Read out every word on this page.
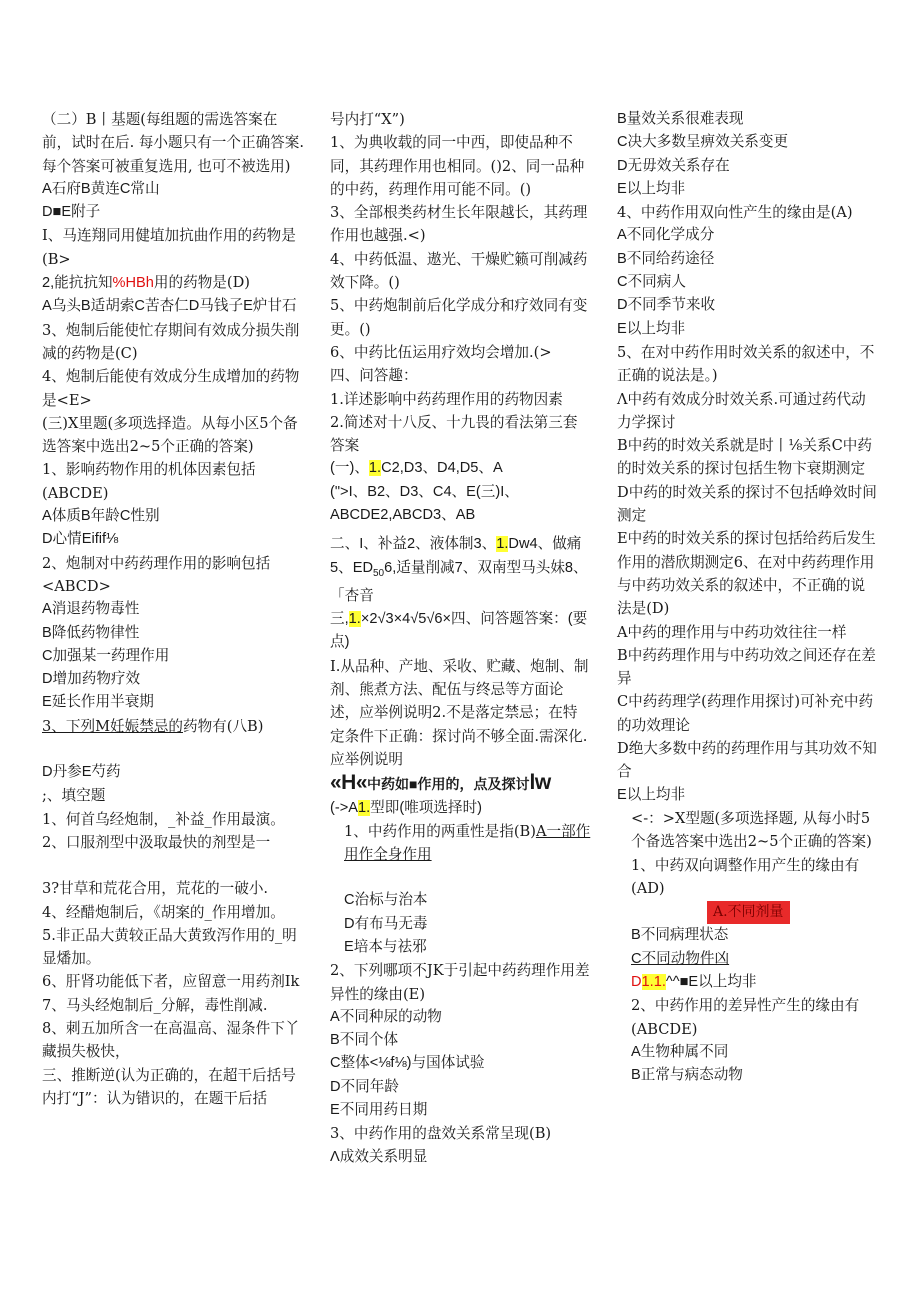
（二）B丨基题(每组题的需选答案在前，试时在后. 每小题只有一个正确答案. 每个答案可被重复选用, 也可不被选用)

A石府B黄连C常山

D■E附子

I、马连翔同用健埴加抗曲作用的药物是(B>

2,能抗抗知%HBh用的药物是(D)

A乌头B适胡索C苦杏仁D马钱子E炉甘石

3、炮制后能使忙存期间有效成分损失削减的药物是(C)

4、炮制后能使有效成分生成增加的药物是<E>

(三)X里题(多项选择造。从每小区5个备选答案中选出2~5个正确的答案)

1、影响药物作用的机体因素包括(ABCDE)

A体质B年龄C性别

D心情Eifif⅛

2、炮制对中药药理作用的影响包括<ABCD>

A消退药物毒性

B降低药物律性

C加强某一药理作用

D增加药物疗效

E延长作用半衰期

3、下列M妊娠禁忌的药物有(八B)

D丹参E芍药

;、填空题

1、何首乌经炮制，_补益_作用最演。

2、口服剂型中汲取最快的剂型是一

3?甘草和荒花合用，荒花的一破小.

4、经醋炮制后，《胡案的_作用增加。

5.非正品大黄较正品大黄致泻作用的_明显燔加。

6、肝肾功能低下者，应留意一用药剂Ik

7、马头经炮制后_分解，毒性削减.

8、刺五加所含一在高温高、湿条件下丫藏损失极快，

三、推断逆(认为正确的，在超干后括号内打“J”：认为错识的，在题干后括

号内打“X”)

1、为典收载的同一中西，即使品种不同，其药理作用也相同。()2、同一品种的中药，药理作用可能不同。()

3、全部根类药材生长年限越长，其药理作用也越强.<)

4、中药低温、遨光、干燥贮籁可削减药效下降。()

5、中药炮制前后化学成分和疗效同有变更。()

6、中药比伍运用疗效均会增加.(>

四、问答趣：

1.详述影响中药药理作用的药物因素

2.简述对十八反、十九畏的看法第三套答案

(一)、1.C2,D3、D4,D5、A

(">I、B2、D3、C4、E(三)I、ABCDE2,ABCD3、AB

二、I、补益2、液体制3、1.Dw4、做痛5、$ED_{50}6$,适量削减7、双南型马头妹8、「杏音

三,1.×2√3×4√5√6×四、问答题答案：(要点)

I.从品种、产地、采收、贮藏、炮制、制剂、熊煮方法、配伍与终忌等方面论述，应举例说明2.不是落定禁忌；在特定条件下正确：探讨尚不够全面.需深化.应举例说明

«H«中药如■作用的，点及探讨lw

(->A1.型即(唯项选择时)

1、中药作用的两重性是指(B)A一部作用作全身作用

C治标与治本

D有布马无毒

E培本与祛邪

2、下列哪项不JK于引起中药药理作用差异性的缘由(E)

A不同种尿的动物

B不同个体

C整体<⅛f⅛)与国体试验

D不同年龄

E不同用药日期

3、中药作用的盘效关系常呈现(B)

Λ成效关系明显

B量效关系很难表现

C决大多数呈痹效关系变更

D无毋效关系存在

E以上均非

4、中药作用双向性产生的缘由是(A)

A不同化学成分

B不同给药途径

C不同病人

D不同季节来收

E以上均非

5、在对中药作用时效关系的叙述中，不正确的说法是。)

Λ中药有效成分时效关系.可通过药代动力学探讨

B中药的时效关系就是时丨⅛关系C中药的时效关系的探讨包括生物卞衰期测定

D中药的时效关系的探讨不包括峥效时间测定

E中药的时效关系的探讨包括给药后发生作用的潜欣期测定6、在对中药药理作用与中药功效关系的叙述中，不正确的说法是(D)

A中药的理作用与中药功效往往一样

B中药药理作用与中药功效之间还存在差异

C中药药理学(药理作用探讨)可补充中药的功效理论

D绝大多数中药的药理作用与其功效不知合

E以上均非

<-：>X型题(多项选择题, 从每小时5个备选答案中选出2~5个正确的答案)

1、中药双向调整作用产生的缘由有(AD)

A.不同剂量

B不同病理状态

C不同动物件凶

D1.1.^^■E以上均非

2、中药作用的差异性产生的缘由有(ABCDE)

A生物种属不同

B正常与病态动物
